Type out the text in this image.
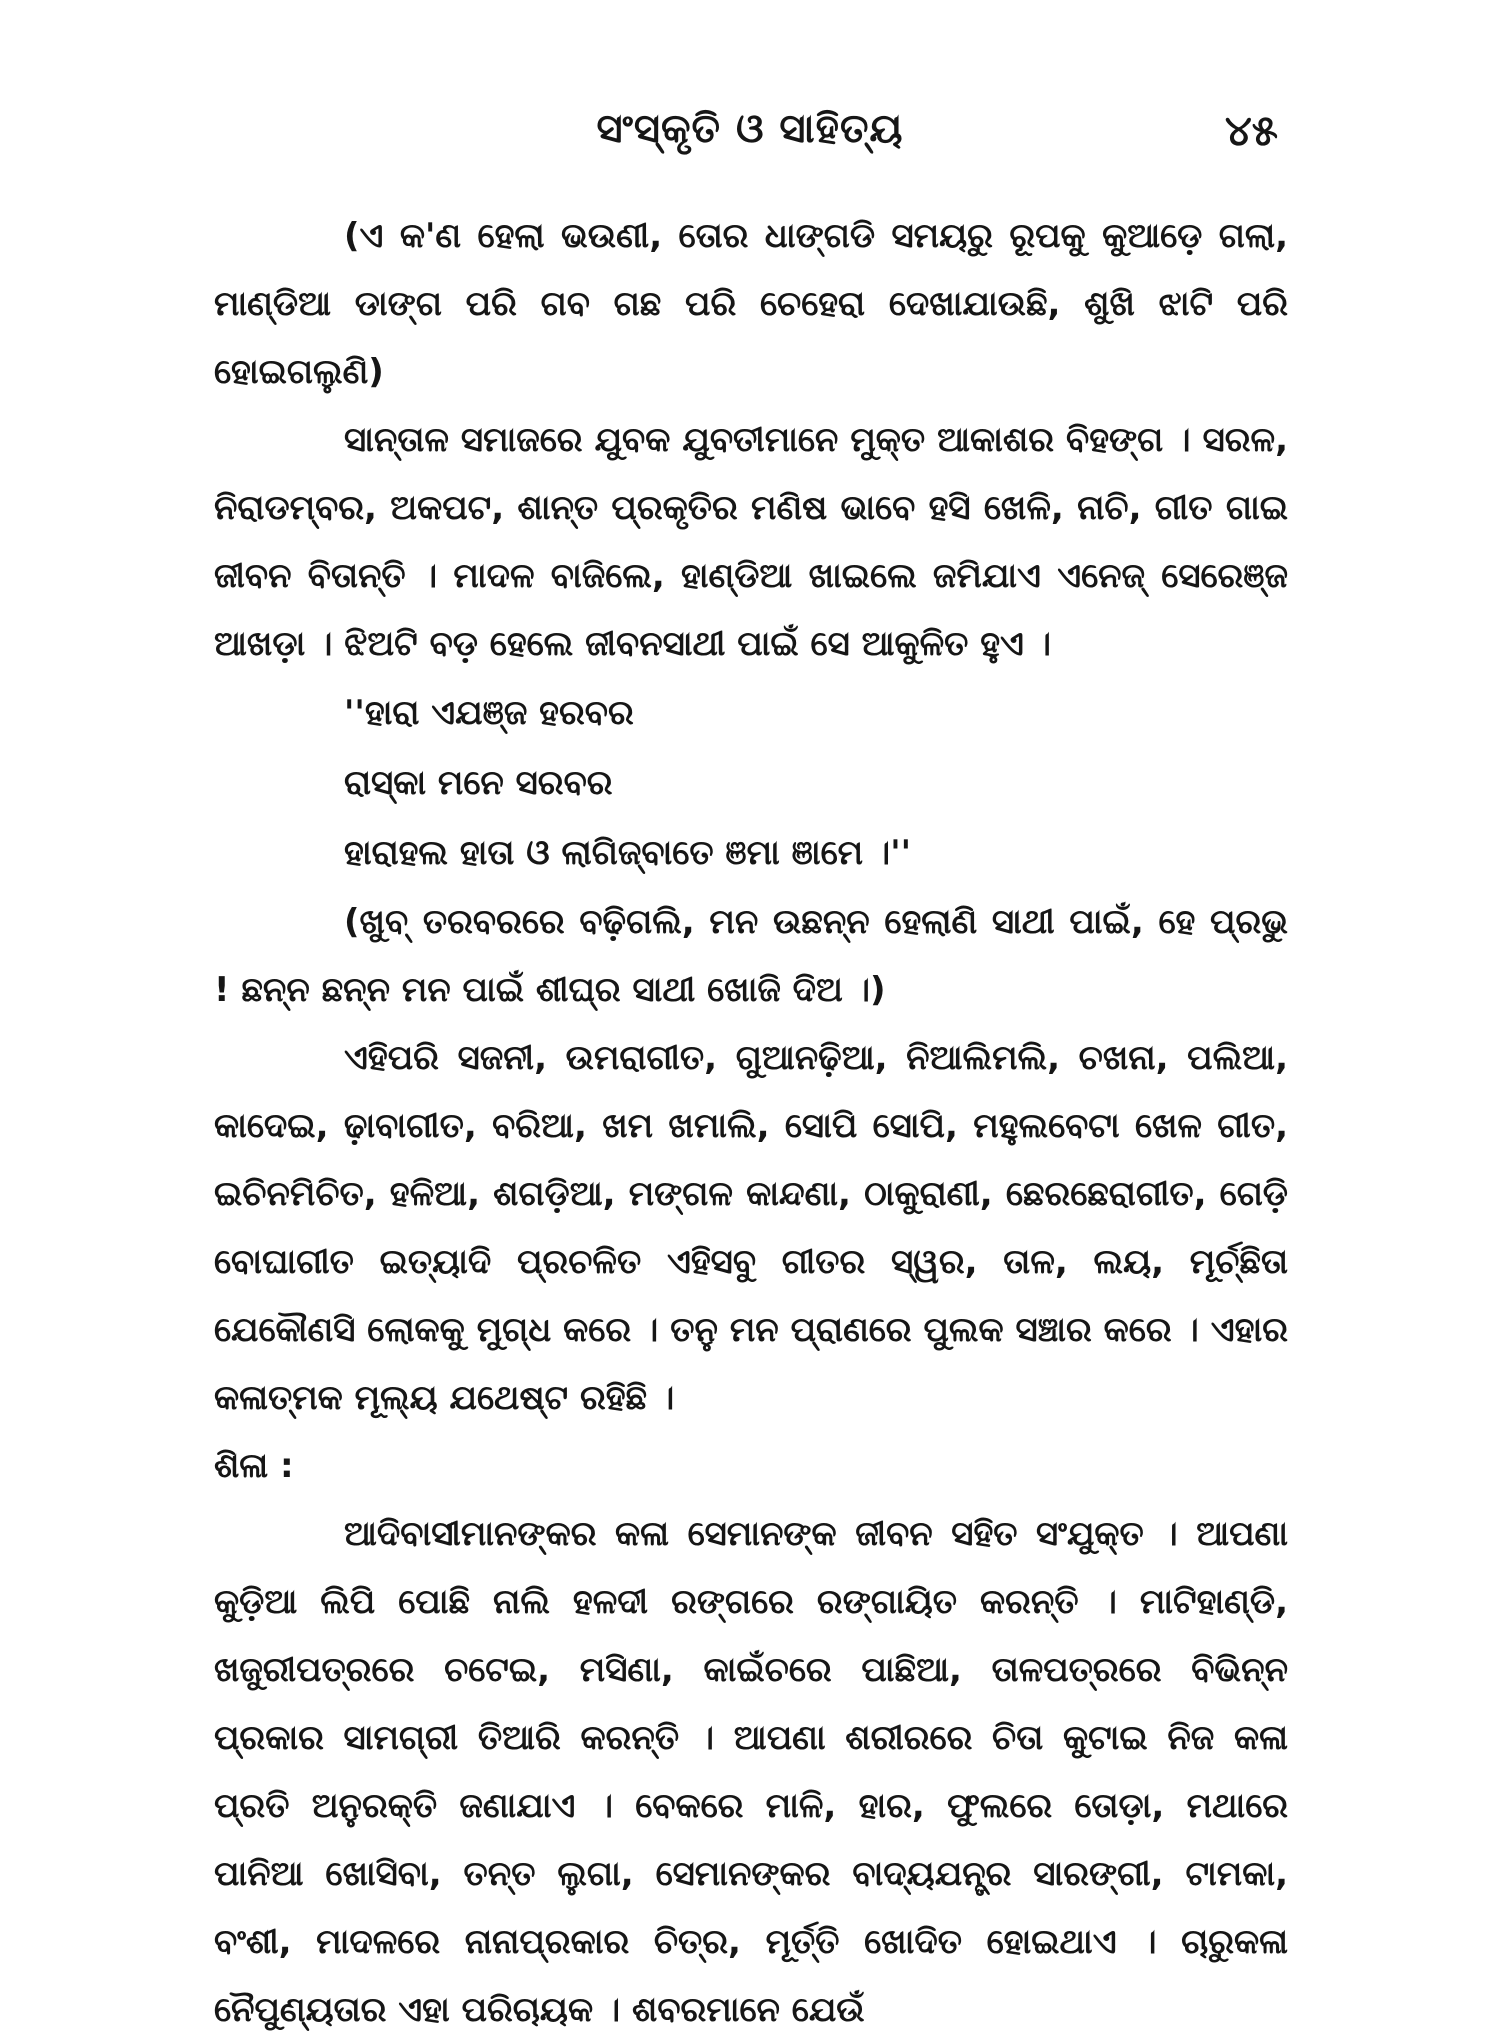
ସଂସ୍କୃତି ଓ ସାହିତ୍ୟ	୪୫

(ଏ କ'ଣ ହେଲା ଭଉଣୀ, ତୋର ଧାଙ୍ଗଡି ସମୟରୁ ରୂପକୁ କୁଆଡ଼େ ଗଲା, ମାଣ୍ଡିଆ ଡାଙ୍ଗ ପରି ଗବ ଗଛ ପରି ଚେହେରା ଦେଖାଯାଉଛି, ଶୁଖି ଝାଟି ପରି ହୋଇଗଲୁଣି)

ସାନ୍ତାଳ ସମାଜରେ ଯୁବକ ଯୁବତୀମାନେ ମୁକ୍ତ ଆକାଶର ବିହଙ୍ଗ । ସରଳ, ନିରାଡମ୍ବର, ଅକପଟ, ଶାନ୍ତ ପ୍ରକୃତିର ମଣିଷ ଭାବେ ହସି ଖେଳି, ନାଚି, ଗୀତ ଗାଇ ଜୀବନ ବିତାନ୍ତି । ମାଦଳ ବାଜିଲେ, ହାଣ୍ଡିଆ ଖାଇଲେ ଜମିଯାଏ ଏନେଜ୍ ସେରେଞ୍ଜ ଆଖଡ଼ା । ଝିଅଟି ବଡ଼ ହେଲେ ଜୀବନସାଥୀ ପାଇଁ ସେ ଆକୁଳିତ ହୁଏ ।

''ହାରା ଏଯଞ୍ଜ ହରବର
ରାସ୍କା ମନେ ସରବର
ହାରାହଲ ହାତା ଓ ଲାଗିଜ୍‌ବାତେ ଞମା ଞାମେ ।''

(ଖୁବ୍ ତରବରରେ ବଢ଼ିଗଲି, ମନ ଉଛନ୍ନ ହେଲାଣି ସାଥୀ ପାଇଁ, ହେ ପ୍ରଭୁ ! ଛନ୍ନ ଛନ୍ନ ମନ ପାଇଁ ଶୀଘ୍ର ସାଥୀ ଖୋଜି ଦିଅ ।)

ଏହିପରି ସଜନୀ, ଉମରାଗୀତ, ଗୁଆନଢ଼ିଆ, ନିଆଲିମଲି, ଚଖନା, ପଲିଆ, କାଦେଇ, ଢ଼ାବାଗୀତ, ବରିଆ, ଖମ ଖମାଲି, ସୋପି ସୋପି, ମହୁଲବେଟା ଖେଳ ଗୀତ, ଇଚିନମିଚିତ, ହଳିଆ, ଶଗଡ଼ିଆ, ମଙ୍ଗଳ କାନ୍ଦଣା, ଠାକୁରାଣୀ, ଛେରଛେରାଗୀତ, ଗେଡ଼ି ବୋଘାଗୀତ ଇତ୍ୟାଦି ପ୍ରଚଳିତ ଏହିସବୁ ଗୀତର ସ୍ୱର, ତାଳ, ଲୟ, ମୂର୍ଚ୍ଛିତା ଯେକୌଣସି ଲୋକକୁ ମୁଗ୍ଧ କରେ । ତନୁ ମନ ପ୍ରାଣରେ ପୁଲକ ସଞ୍ଚାର କରେ । ଏହାର କଳାତ୍ମକ ମୂଲ୍ୟ ଯଥେଷ୍ଟ ରହିଛି ।

ଶିଳା :

ଆଦିବାସୀମାନଙ୍କର କଳା ସେମାନଙ୍କ ଜୀବନ ସହିତ ସଂଯୁକ୍ତ । ଆପଣା କୁଡ଼ିଆ ଲିପି ପୋଛି ନାଲି ହଳଦୀ ରଙ୍ଗରେ ରଙ୍ଗାୟିତ କରନ୍ତି । ମାଟିହାଣ୍ଡି, ଖଜୁରୀପତ୍ରରେ ଚଟେଇ, ମସିଣା, କାଇଁଚରେ ପାଛିଆ, ତାଳପତ୍ରରେ ବିଭିନ୍ନ ପ୍ରକାର ସାମଗ୍ରୀ ତିଆରି କରନ୍ତି । ଆପଣା ଶରୀରରେ ଚିତା କୁଟାଇ ନିଜ କଳା ପ୍ରତି ଅନୁରକ୍ତି ଜଣାଯାଏ । ବେକରେ ମାଳି, ହାର, ଫୁଲରେ ତୋଡ଼ା, ମଥାରେ ପାନିଆ ଖୋସିବା, ତନ୍ତ ଲୁଗା, ସେମାନଙ୍କର ବାଦ୍ୟଯନ୍ତ୍ର ସାରଙ୍ଗୀ, ଟାମକା, ବଂଶୀ, ମାଦଳରେ ନାନାପ୍ରକାର ଚିତ୍ର, ମୂର୍ତ୍ତି ଖୋଦିତ ହୋଇଥାଏ । ଚାରୁକଳା ନୈପୁଣ୍ୟତାର ଏହା ପରିଚାୟକ । ଶବରମାନେ ଯେଉଁ
